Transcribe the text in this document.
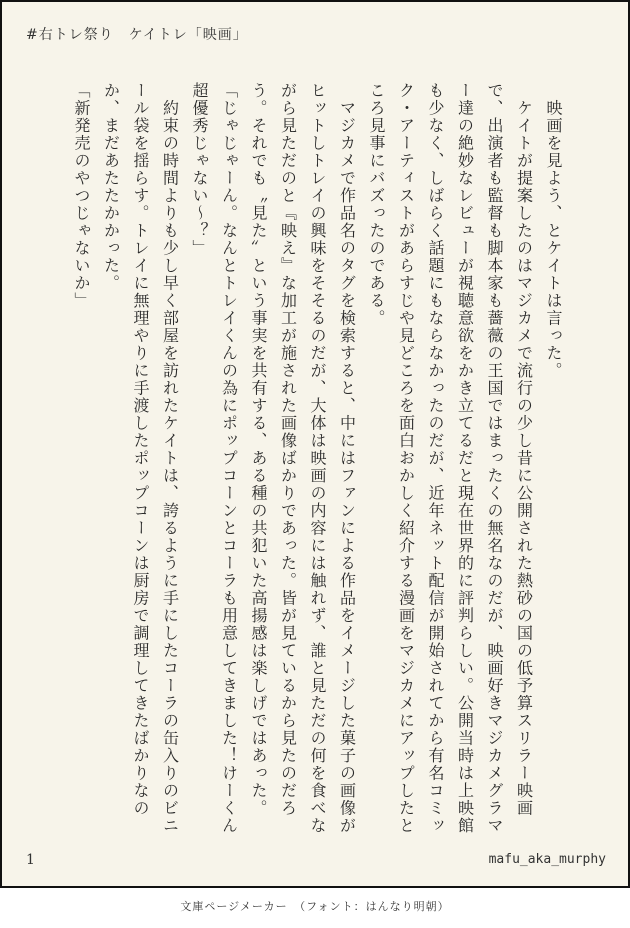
#右トレ祭り　ケイトレ「映画」

　映画を見よう、とケイトは言った。

　ケイトが提案したのはマジカメで流行の少し昔に公開された熱砂の国の低予算スリラー映画で、出演者も監督も脚本家も薔薇の王国ではまったくの無名なのだが、映画好きマジカメグラマー達の絶妙なレビューが視聴意欲をかき立てるだと現在世界的に評判らしい。公開当時は上映館も少なく、しばらく話題にもならなかったのだが、近年ネット配信が開始されてから有名コミック・アーティストがあらすじや見どころを面白おかしく紹介する漫画をマジカメにアップしたところ見事にバズったのである。

　マジカメで作品名のタグを検索すると、中にはファンによる作品をイメージした菓子の画像がヒットしトレイの興味をそそるのだが、大体は映画の内容には触れず、誰と見ただの何を食べながら見ただのと『映え』な加工が施された画像ばかりであった。皆が見ているから見たのだろう。それでも〝見た〟という事実を共有する、ある種の共犯いた高揚感は楽しげではあった。

「じゃじゃーん。なんとトレイくんの為にポップコーンとコーラも用意してきました！けーくん超優秀じゃない〜？」

　約束の時間よりも少し早く部屋を訪れたケイトは、誇るように手にしたコーラの缶入りのビニール袋を揺らす。トレイに無理やりに手渡したポップコーンは厨房で調理してきたばかりなのか、まだあたたかかった。

「新発売のやつじゃないか」

1	mafu_aka_murphy
文庫ページメーカー　（フォント：はんなり明朝）
